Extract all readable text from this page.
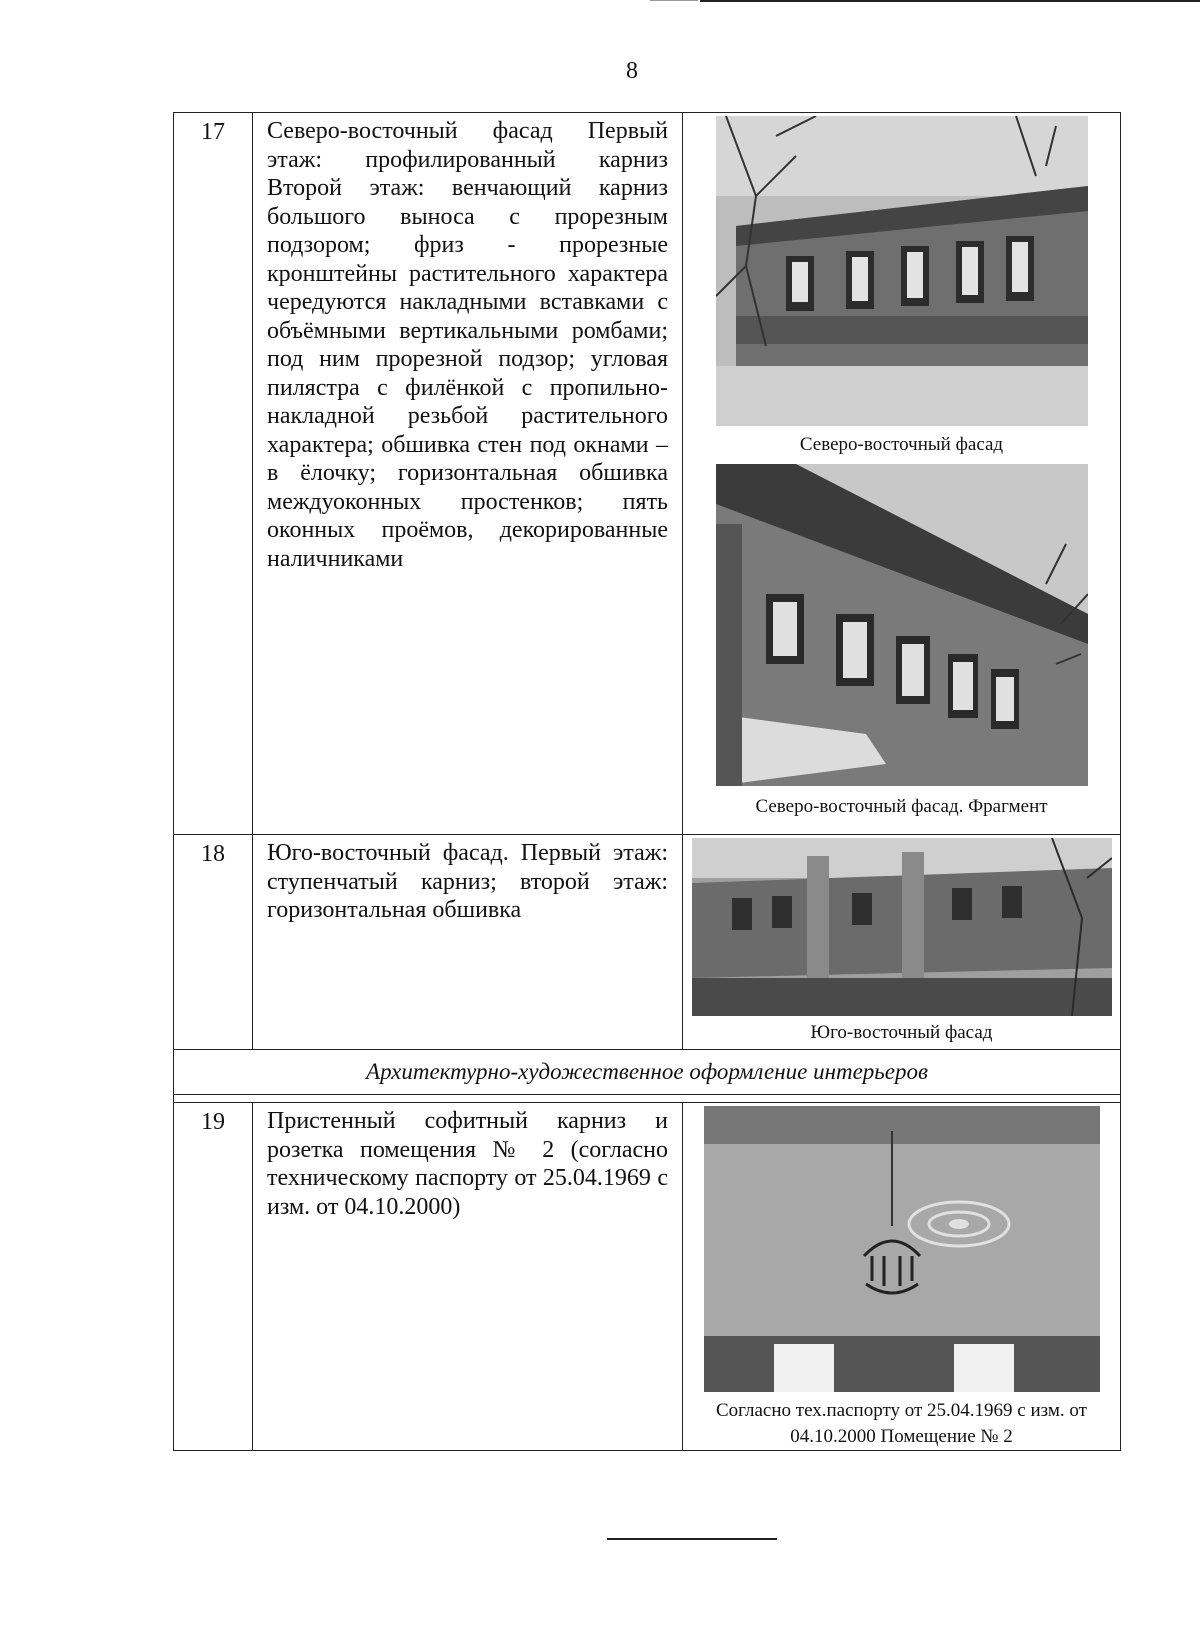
8
17	Северо-восточный фасад Первый этаж: профилированный карниз Второй этаж: венчающий карниз большого выноса с прорезным подзором; фриз - прорезные кронштейны растительного характера чередуются накладными вставками с объёмными вертикальными ромбами; под ним прорезной подзор; угловая пилястра с филёнкой с пропильно-накладной резьбой растительного характера; обшивка стен под окнами – в ёлочку; горизонтальная обшивка междуоконных простенков; пять оконных проёмов, декорированные наличниками	Северо-восточный фасад
Северо-восточный фасад. Фрагмент

18	Юго-восточный фасад. Первый этаж: ступенчатый карниз; второй этаж: горизонтальная обшивка	Юго-восточный фасад

Архитектурно-художественное оформление интерьеров		

19	Пристенный софитный карниз и розетка помещения № 2 (согласно техническому паспорту от 25.04.1969 с изм. от 04.10.2000)	Согласно тех.паспорту от 25.04.1969 с изм. от 04.10.2000 Помещение № 2
